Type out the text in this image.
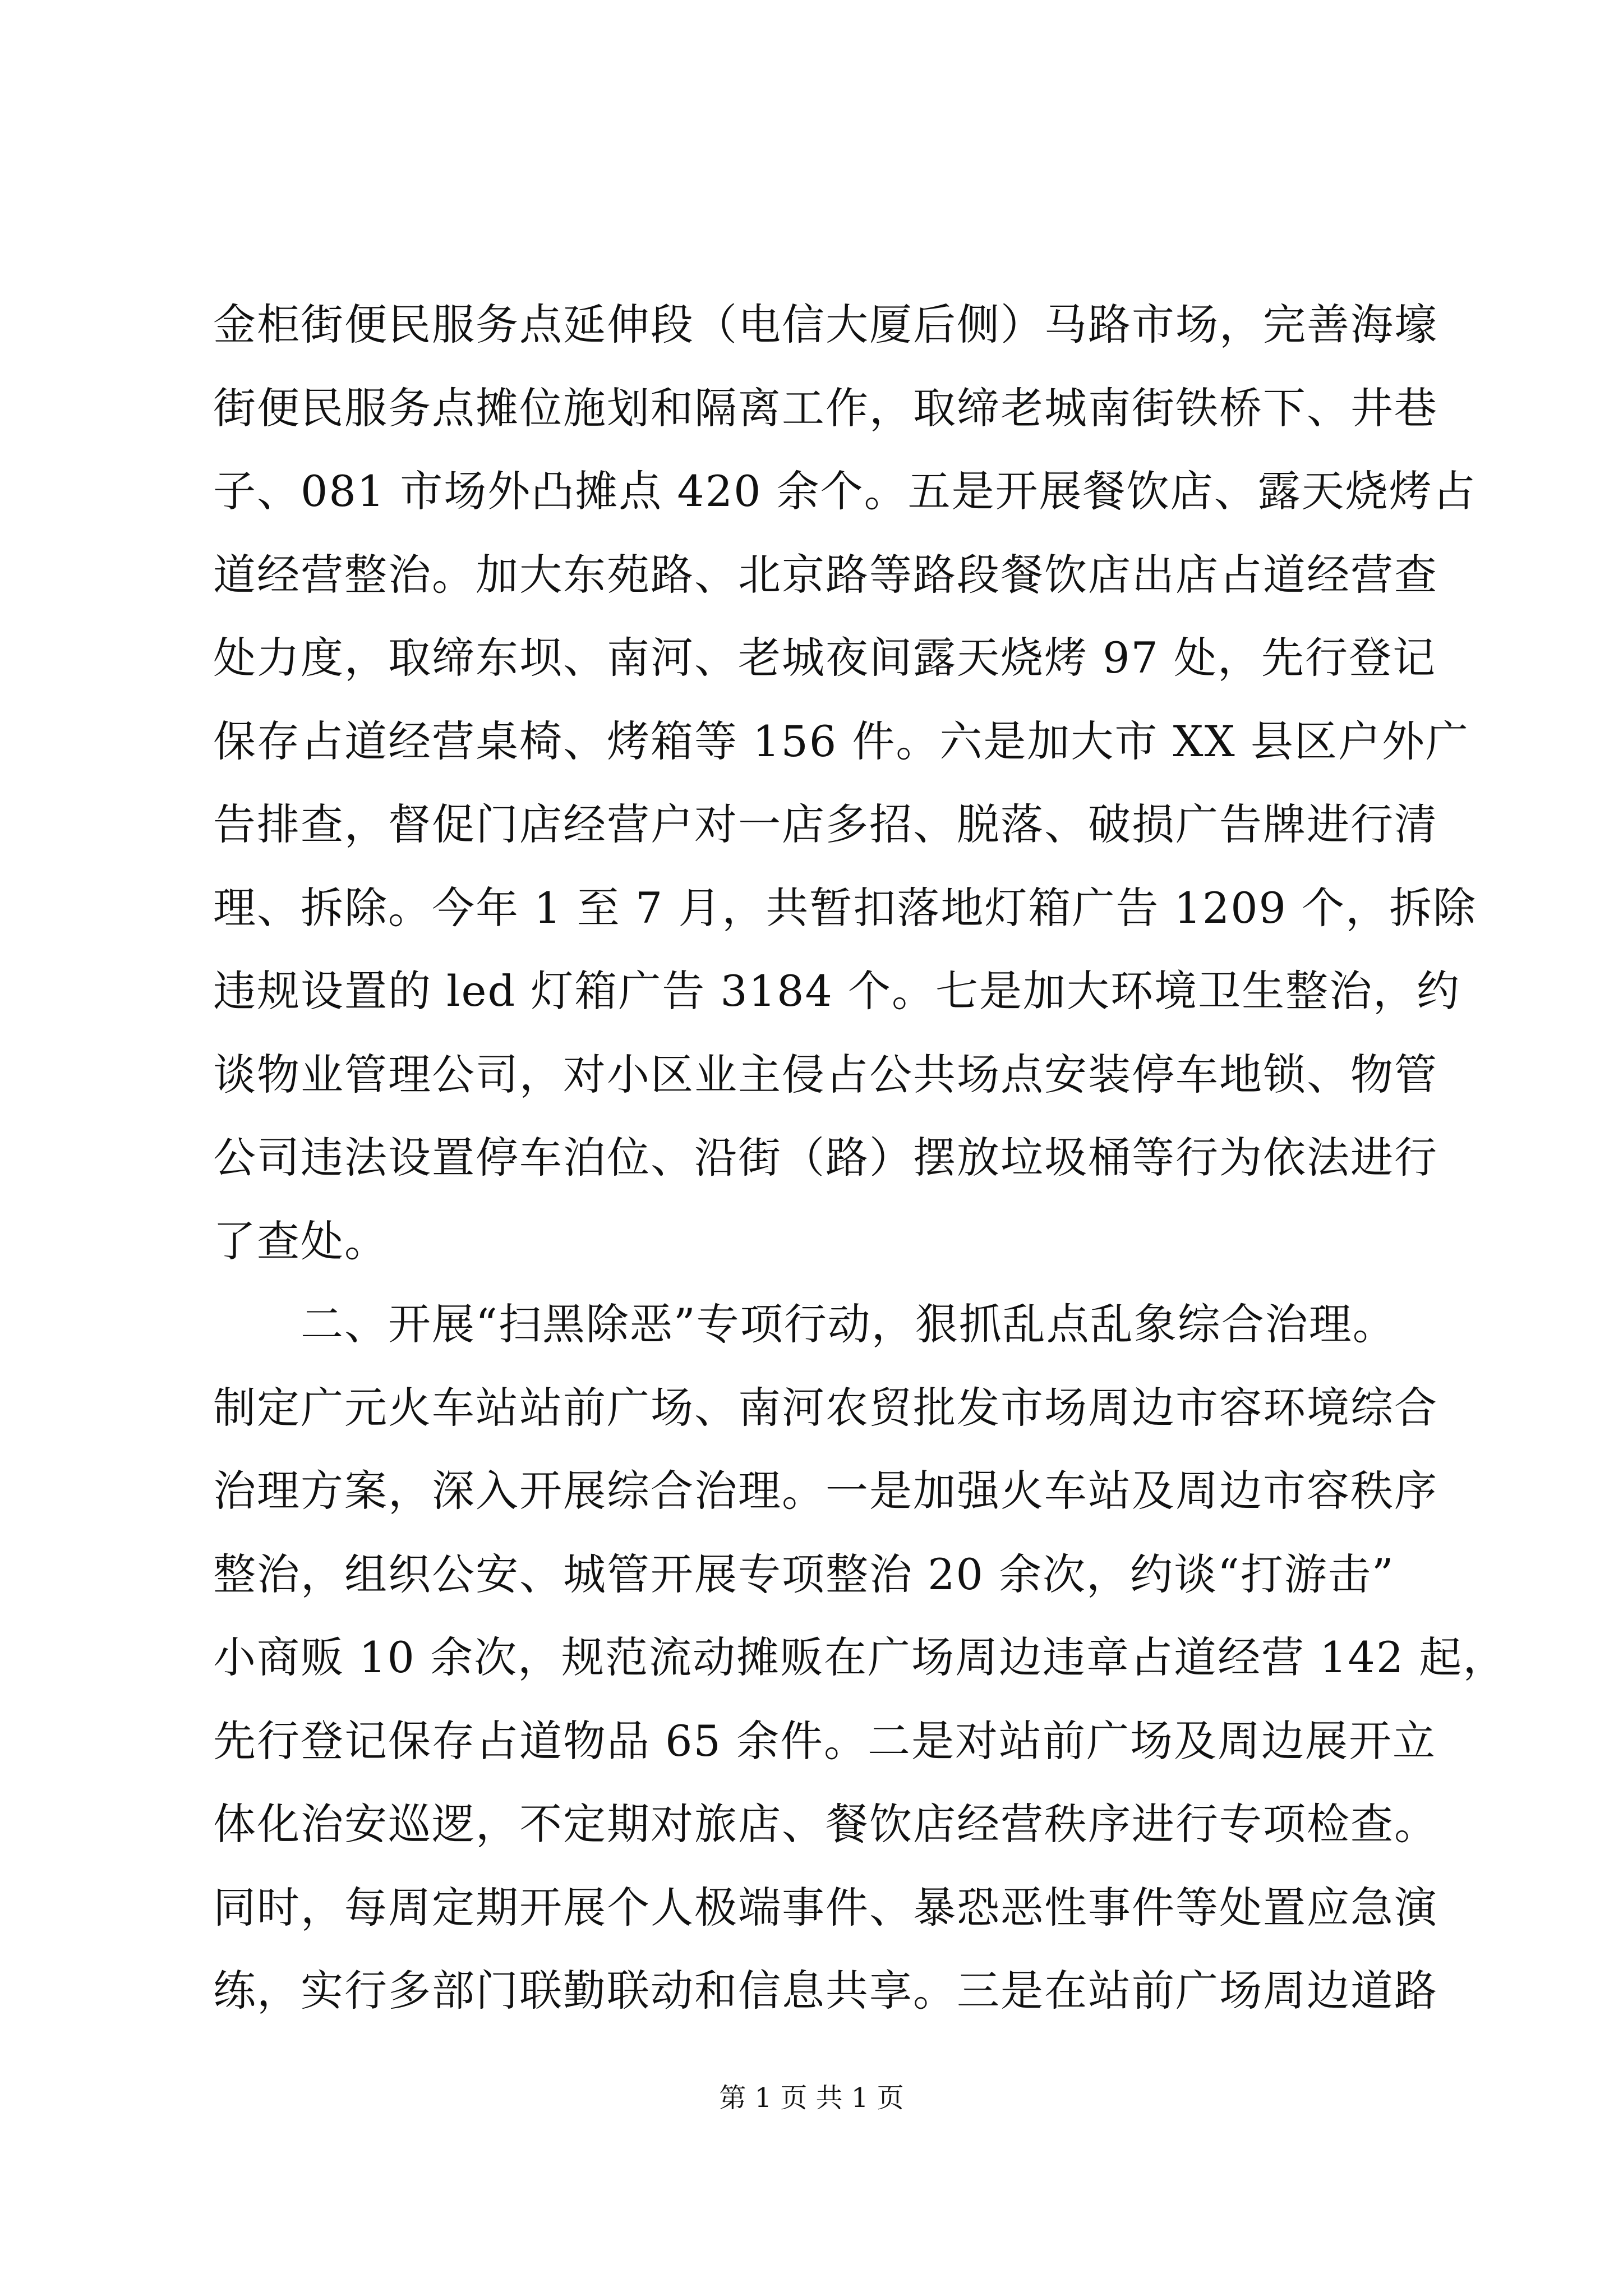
金柜街便民服务点延伸段（电信大厦后侧）马路市场，完善海壕
街便民服务点摊位施划和隔离工作，取缔老城南街铁桥下、井巷
子、081 市场外凸摊点 420 余个。五是开展餐饮店、露天烧烤占
道经营整治。加大东苑路、北京路等路段餐饮店出店占道经营查
处力度，取缔东坝、南河、老城夜间露天烧烤 97 处，先行登记
保存占道经营桌椅、烤箱等 156 件。六是加大市 XX 县区户外广
告排查，督促门店经营户对一店多招、脱落、破损广告牌进行清
理、拆除。今年 1 至 7 月，共暂扣落地灯箱广告 1209 个，拆除
违规设置的 led 灯箱广告 3184 个。七是加大环境卫生整治，约
谈物业管理公司，对小区业主侵占公共场点安装停车地锁、物管
公司违法设置停车泊位、沿街（路）摆放垃圾桶等行为依法进行
了查处。
　　二、开展“扫黑除恶”专项行动，狠抓乱点乱象综合治理。
制定广元火车站站前广场、南河农贸批发市场周边市容环境综合
治理方案，深入开展综合治理。一是加强火车站及周边市容秩序
整治，组织公安、城管开展专项整治 20 余次，约谈“打游击”
小商贩 10 余次，规范流动摊贩在广场周边违章占道经营 142 起，
先行登记保存占道物品 65 余件。二是对站前广场及周边展开立
体化治安巡逻，不定期对旅店、餐饮店经营秩序进行专项检查。
同时，每周定期开展个人极端事件、暴恐恶性事件等处置应急演
练，实行多部门联勤联动和信息共享。三是在站前广场周边道路
第 1 页 共 1 页
